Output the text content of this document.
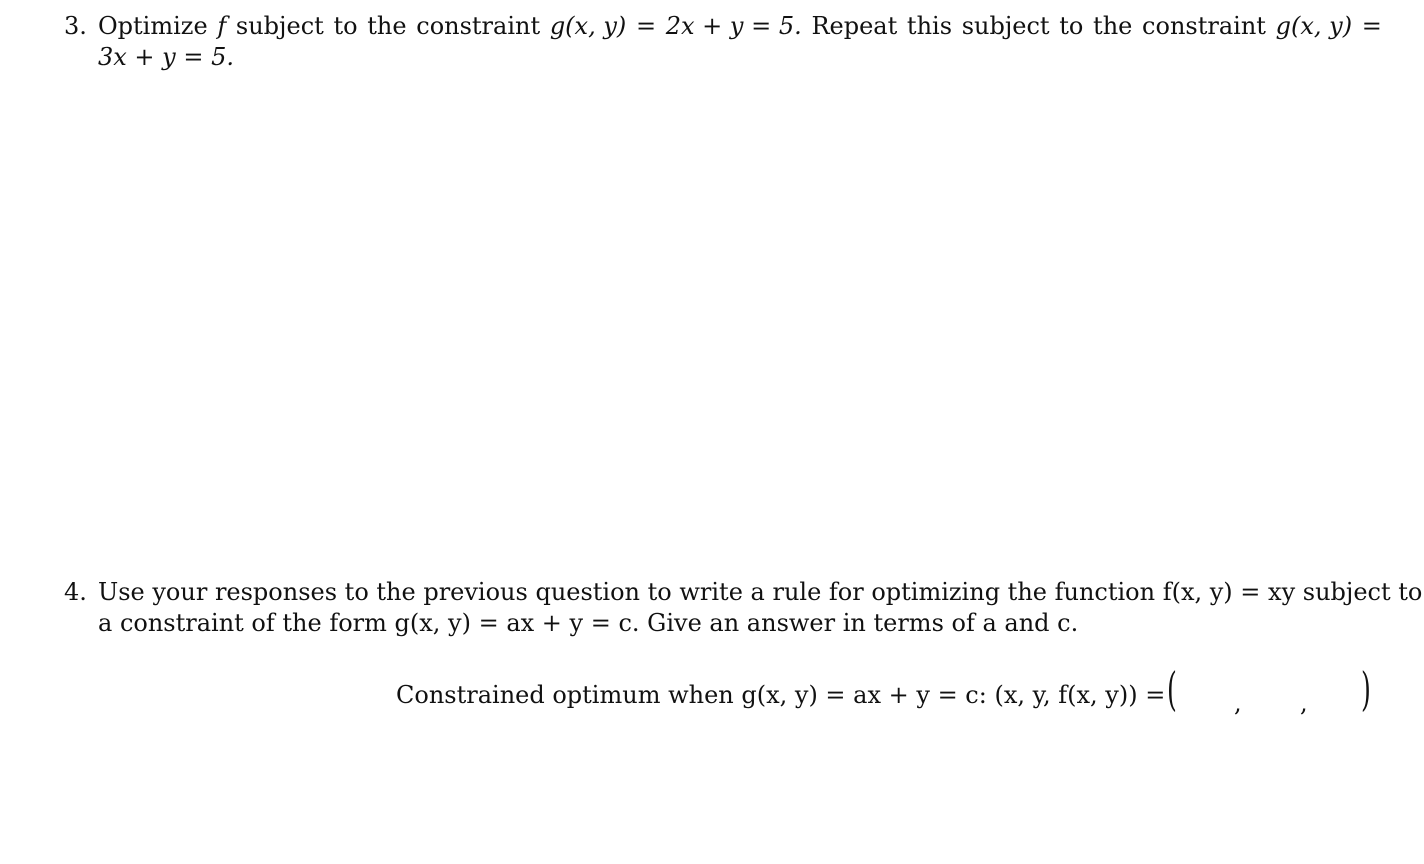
3. Optimize f subject to the constraint g(x, y) = 2x + y = 5. Repeat this subject to the constraint g(x, y) =
3x + y = 5.
4. Use your responses to the previous question to write a rule for optimizing the function f(x, y) = xy subject to
a constraint of the form g(x, y) = ax + y = c. Give an answer in terms of a and c.
Constrained optimum when g(x, y) = ax + y = c: (x, y, f(x, y)) = ( , , )
